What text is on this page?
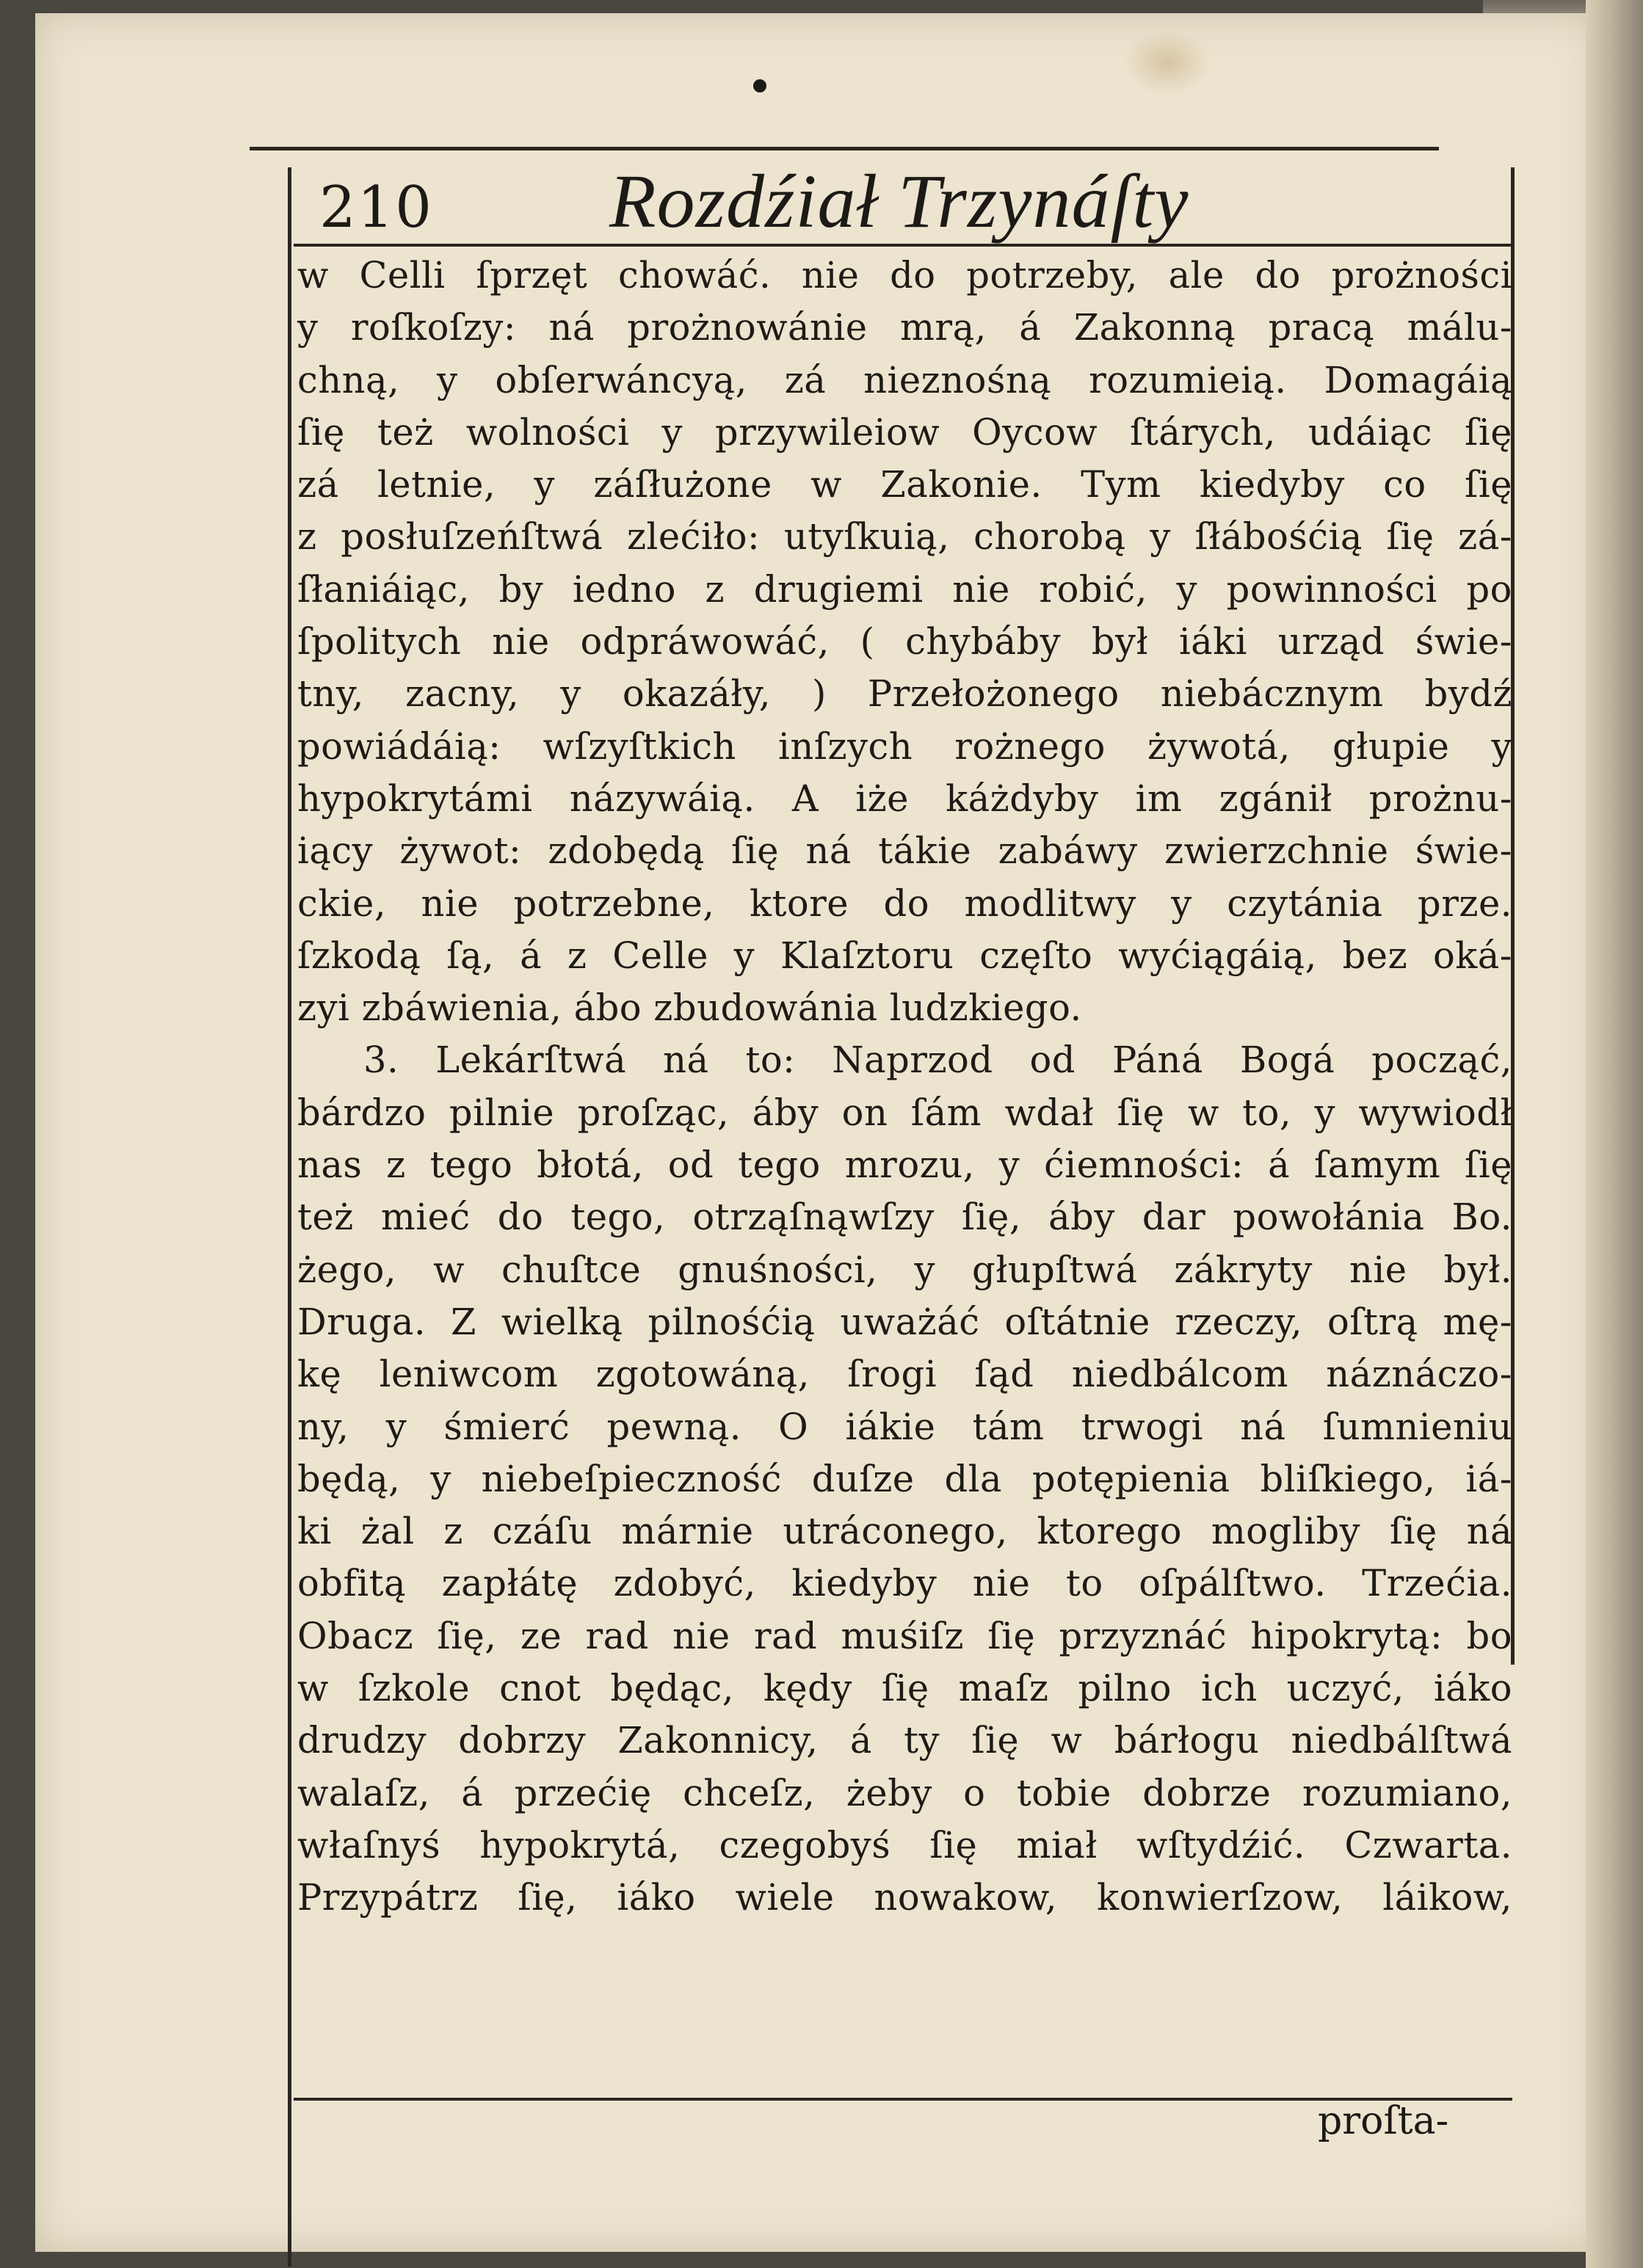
210 Rozdźiał Trzynáſty
w Celli ſprzęt chowáć. nie do potrzeby, ale do prożności
y roſkoſzy: ná prożnowánie mrą, á Zakonną pracą málu-
chną, y obſerwáncyą, zá nieznośną rozumieią. Domagáią
ſię też wolności y przywileiow Oycow ſtárych, udáiąc ſię
zá letnie, y záſłużone w Zakonie. Tym kiedyby co ſię
z posłuſzeńſtwá zlećiło: utyſkuią, chorobą y ſłábośćią ſię zá-
ſłaniáiąc, by iedno z drugiemi nie robić, y powinności po
ſpolitych nie odpráwowáć, ( chybáby był iáki urząd świe-
tny, zacny, y okazáły, ) Przełożonego niebácznym bydź
powiádáią: wſzyſtkich inſzych rożnego żywotá, głupie y
hypokrytámi názywáią. A iże káżdyby im zgánił prożnu-
iący żywot: zdobędą ſię ná tákie zabáwy zwierzchnie świe-
ckie, nie potrzebne, ktore do modlitwy y czytánia prze.
ſzkodą ſą, á z Celle y Klaſztoru częſto wyćiągáią, bez oká-
zyi zbáwienia, ábo zbudowánia ludzkiego.
3. Lekárſtwá ná to: Naprzod od Páná Bogá począć,
bárdzo pilnie proſząc, áby on ſám wdał ſię w to, y wywiodł
nas z tego błotá, od tego mrozu, y ćiemności: á ſamym ſię
też mieć do tego, otrząſnąwſzy ſię, áby dar powołánia Bo.
żego, w chuſtce gnuśności, y głupſtwá zákryty nie był.
Druga. Z wielką pilnośćią uważáć oſtátnie rzeczy, oſtrą mę-
kę leniwcom zgotowáną, ſrogi ſąd niedbálcom náznáczo-
ny, y śmierć pewną. O iákie tám trwogi ná ſumnieniu
będą, y niebeſpieczność duſze dla potępienia bliſkiego, iá-
ki żal z czáſu márnie utráconego, ktorego mogliby ſię ná
obfitą zapłátę zdobyć, kiedyby nie to oſpálſtwo. Trzećia.
Obacz ſię, ze rad nie rad muśiſz ſię przyznáć hipokrytą: bo
w ſzkole cnot będąc, kędy ſię maſz pilno ich uczyć, iáko
drudzy dobrzy Zakonnicy, á ty ſię w bárłogu niedbálſtwá
walaſz, á przećię chceſz, żeby o tobie dobrze rozumiano,
właſnyś hypokrytá, czegobyś ſię miał wſtydźić. Czwarta.
Przypátrz ſię, iáko wiele nowakow, konwierſzow, láikow,
proſta-
